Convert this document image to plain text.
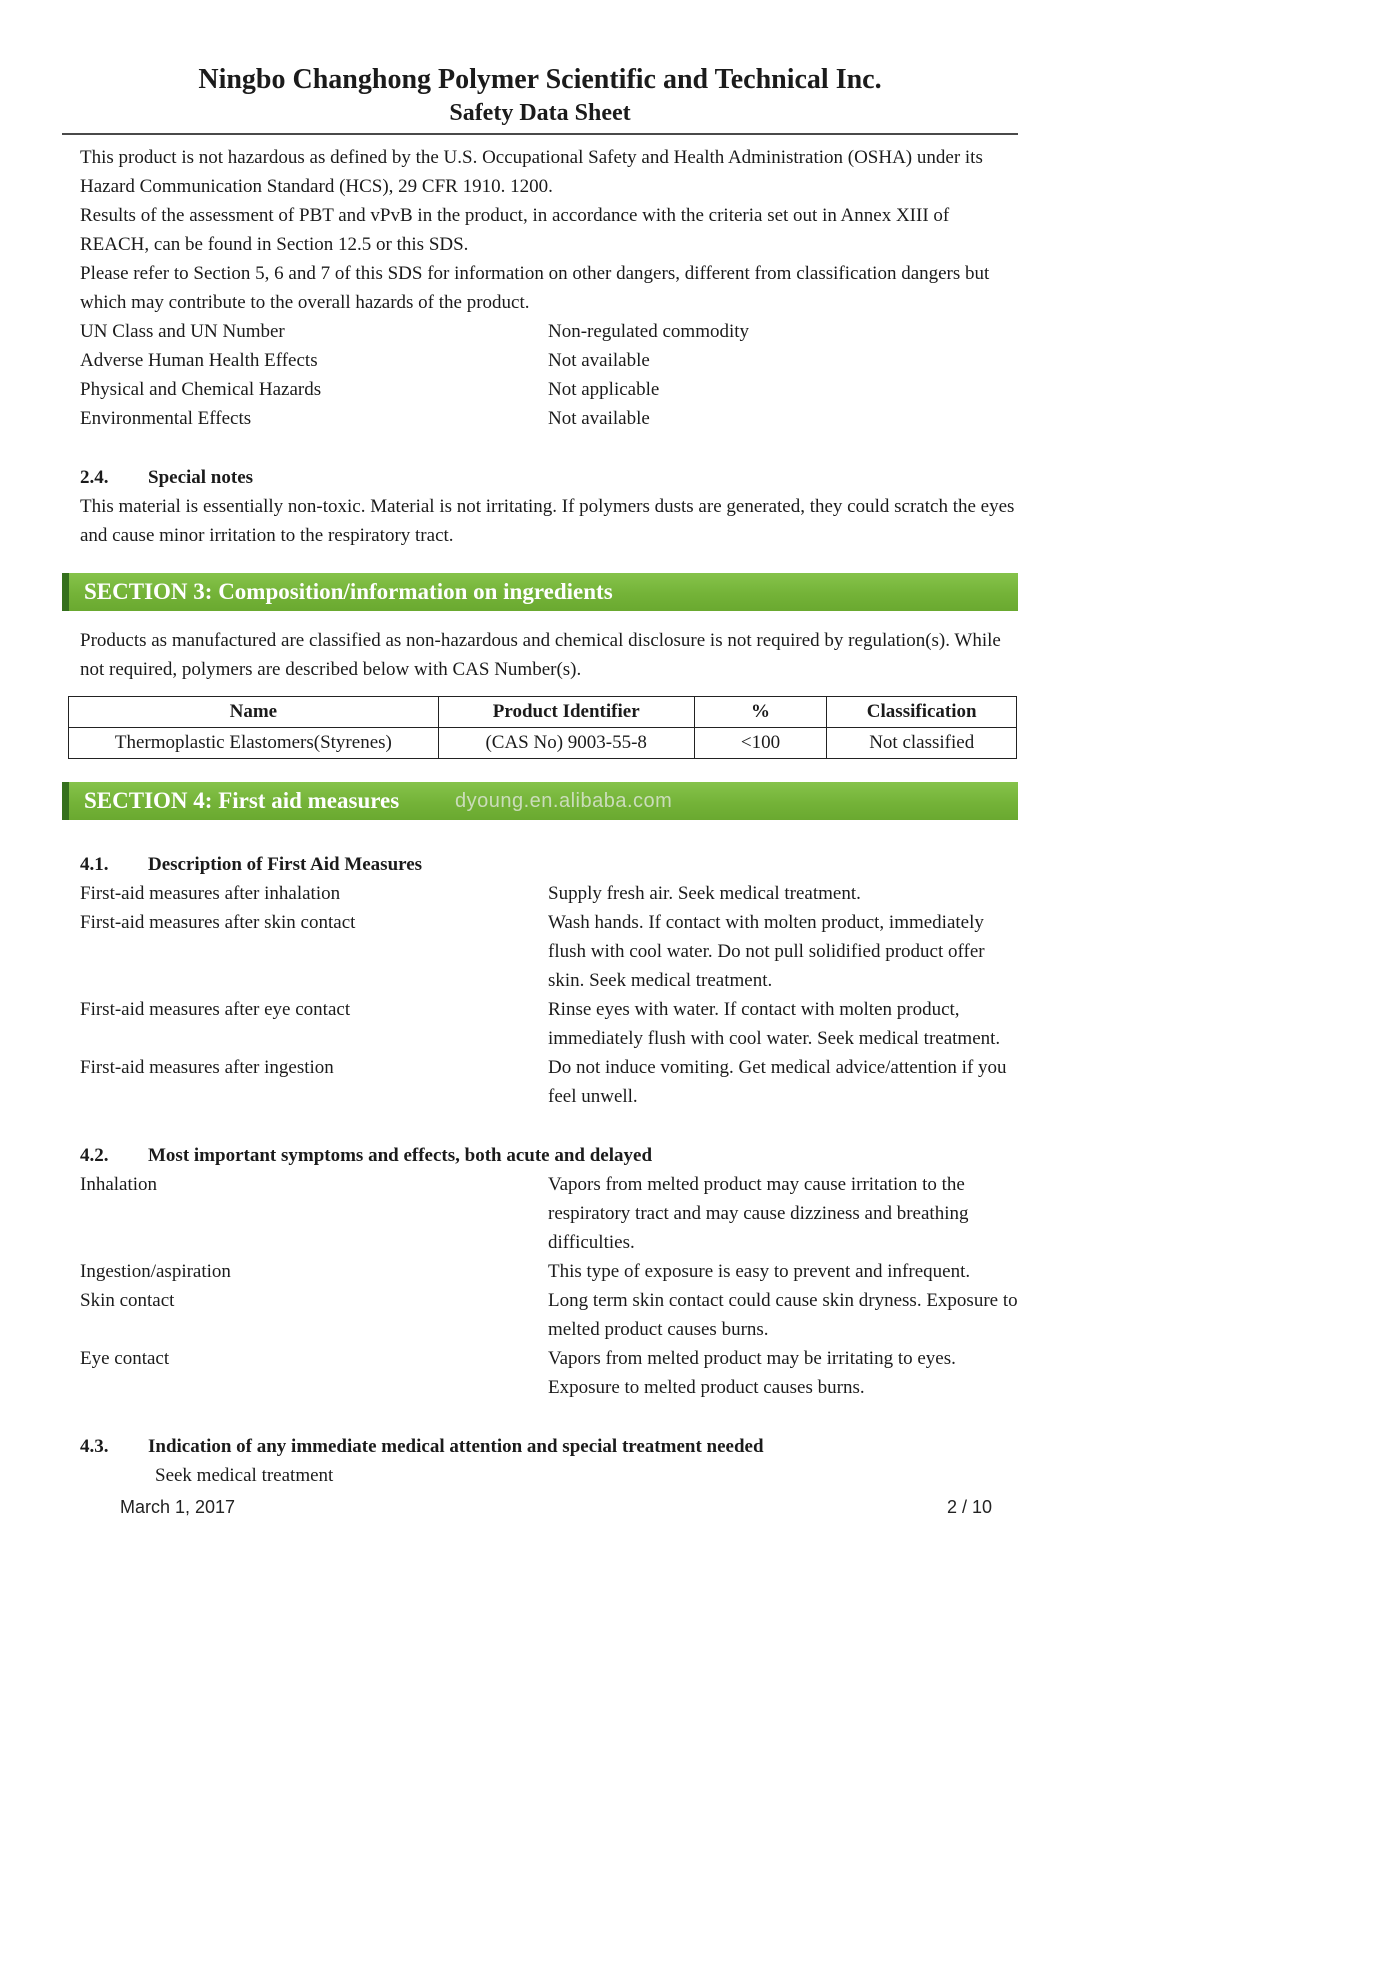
Ningbo Changhong Polymer Scientific and Technical Inc.
Safety Data Sheet

This product is not hazardous as defined by the U.S. Occupational Safety and Health Administration (OSHA) under its Hazard Communication Standard (HCS), 29 CFR 1910. 1200.

Results of the assessment of PBT and vPvB in the product, in accordance with the criteria set out in Annex XIII of REACH, can be found in Section 12.5 or this SDS.

Please refer to Section 5, 6 and 7 of this SDS for information on other dangers, different from classification dangers but which may contribute to the overall hazards of the product.

UN Class and UN Number	Non-regulated commodity
Adverse Human Health Effects	Not available
Physical and Chemical Hazards	Not applicable
Environmental Effects	Not available
2.4.	Special notes

This material is essentially non-toxic. Material is not irritating. If polymers dusts are generated, they could scratch the eyes and cause minor irritation to the respiratory tract.

SECTION 3: Composition/information on ingredients

Products as manufactured are classified as non-hazardous and chemical disclosure is not required by regulation(s). While not required, polymers are described below with CAS Number(s).

Name	Product Identifier	%	Classification
Thermoplastic Elastomers(Styrenes)	(CAS No) 9003-55-8	<100	Not classified
SECTION 4: First aid measures	dyoung.en.alibaba.com
4.1.	Description of First Aid Measures
First-aid measures after inhalation	Supply fresh air. Seek medical treatment.
First-aid measures after skin contact	Wash hands. If contact with molten product, immediately flush with cool water. Do not pull solidified product offer skin. Seek medical treatment.
First-aid measures after eye contact	Rinse eyes with water. If contact with molten product, immediately flush with cool water. Seek medical treatment.
First-aid measures after ingestion	Do not induce vomiting. Get medical advice/attention if you feel unwell.
4.2.	Most important symptoms and effects, both acute and delayed
Inhalation	Vapors from melted product may cause irritation to the respiratory tract and may cause dizziness and breathing difficulties.
Ingestion/aspiration	This type of exposure is easy to prevent and infrequent.
Skin contact	Long term skin contact could cause skin dryness. Exposure to melted product causes burns.
Eye contact	Vapors from melted product may be irritating to eyes. Exposure to melted product causes burns.
4.3.	Indication of any immediate medical attention and special treatment needed

Seek medical treatment

March 1, 2017	2 / 10
